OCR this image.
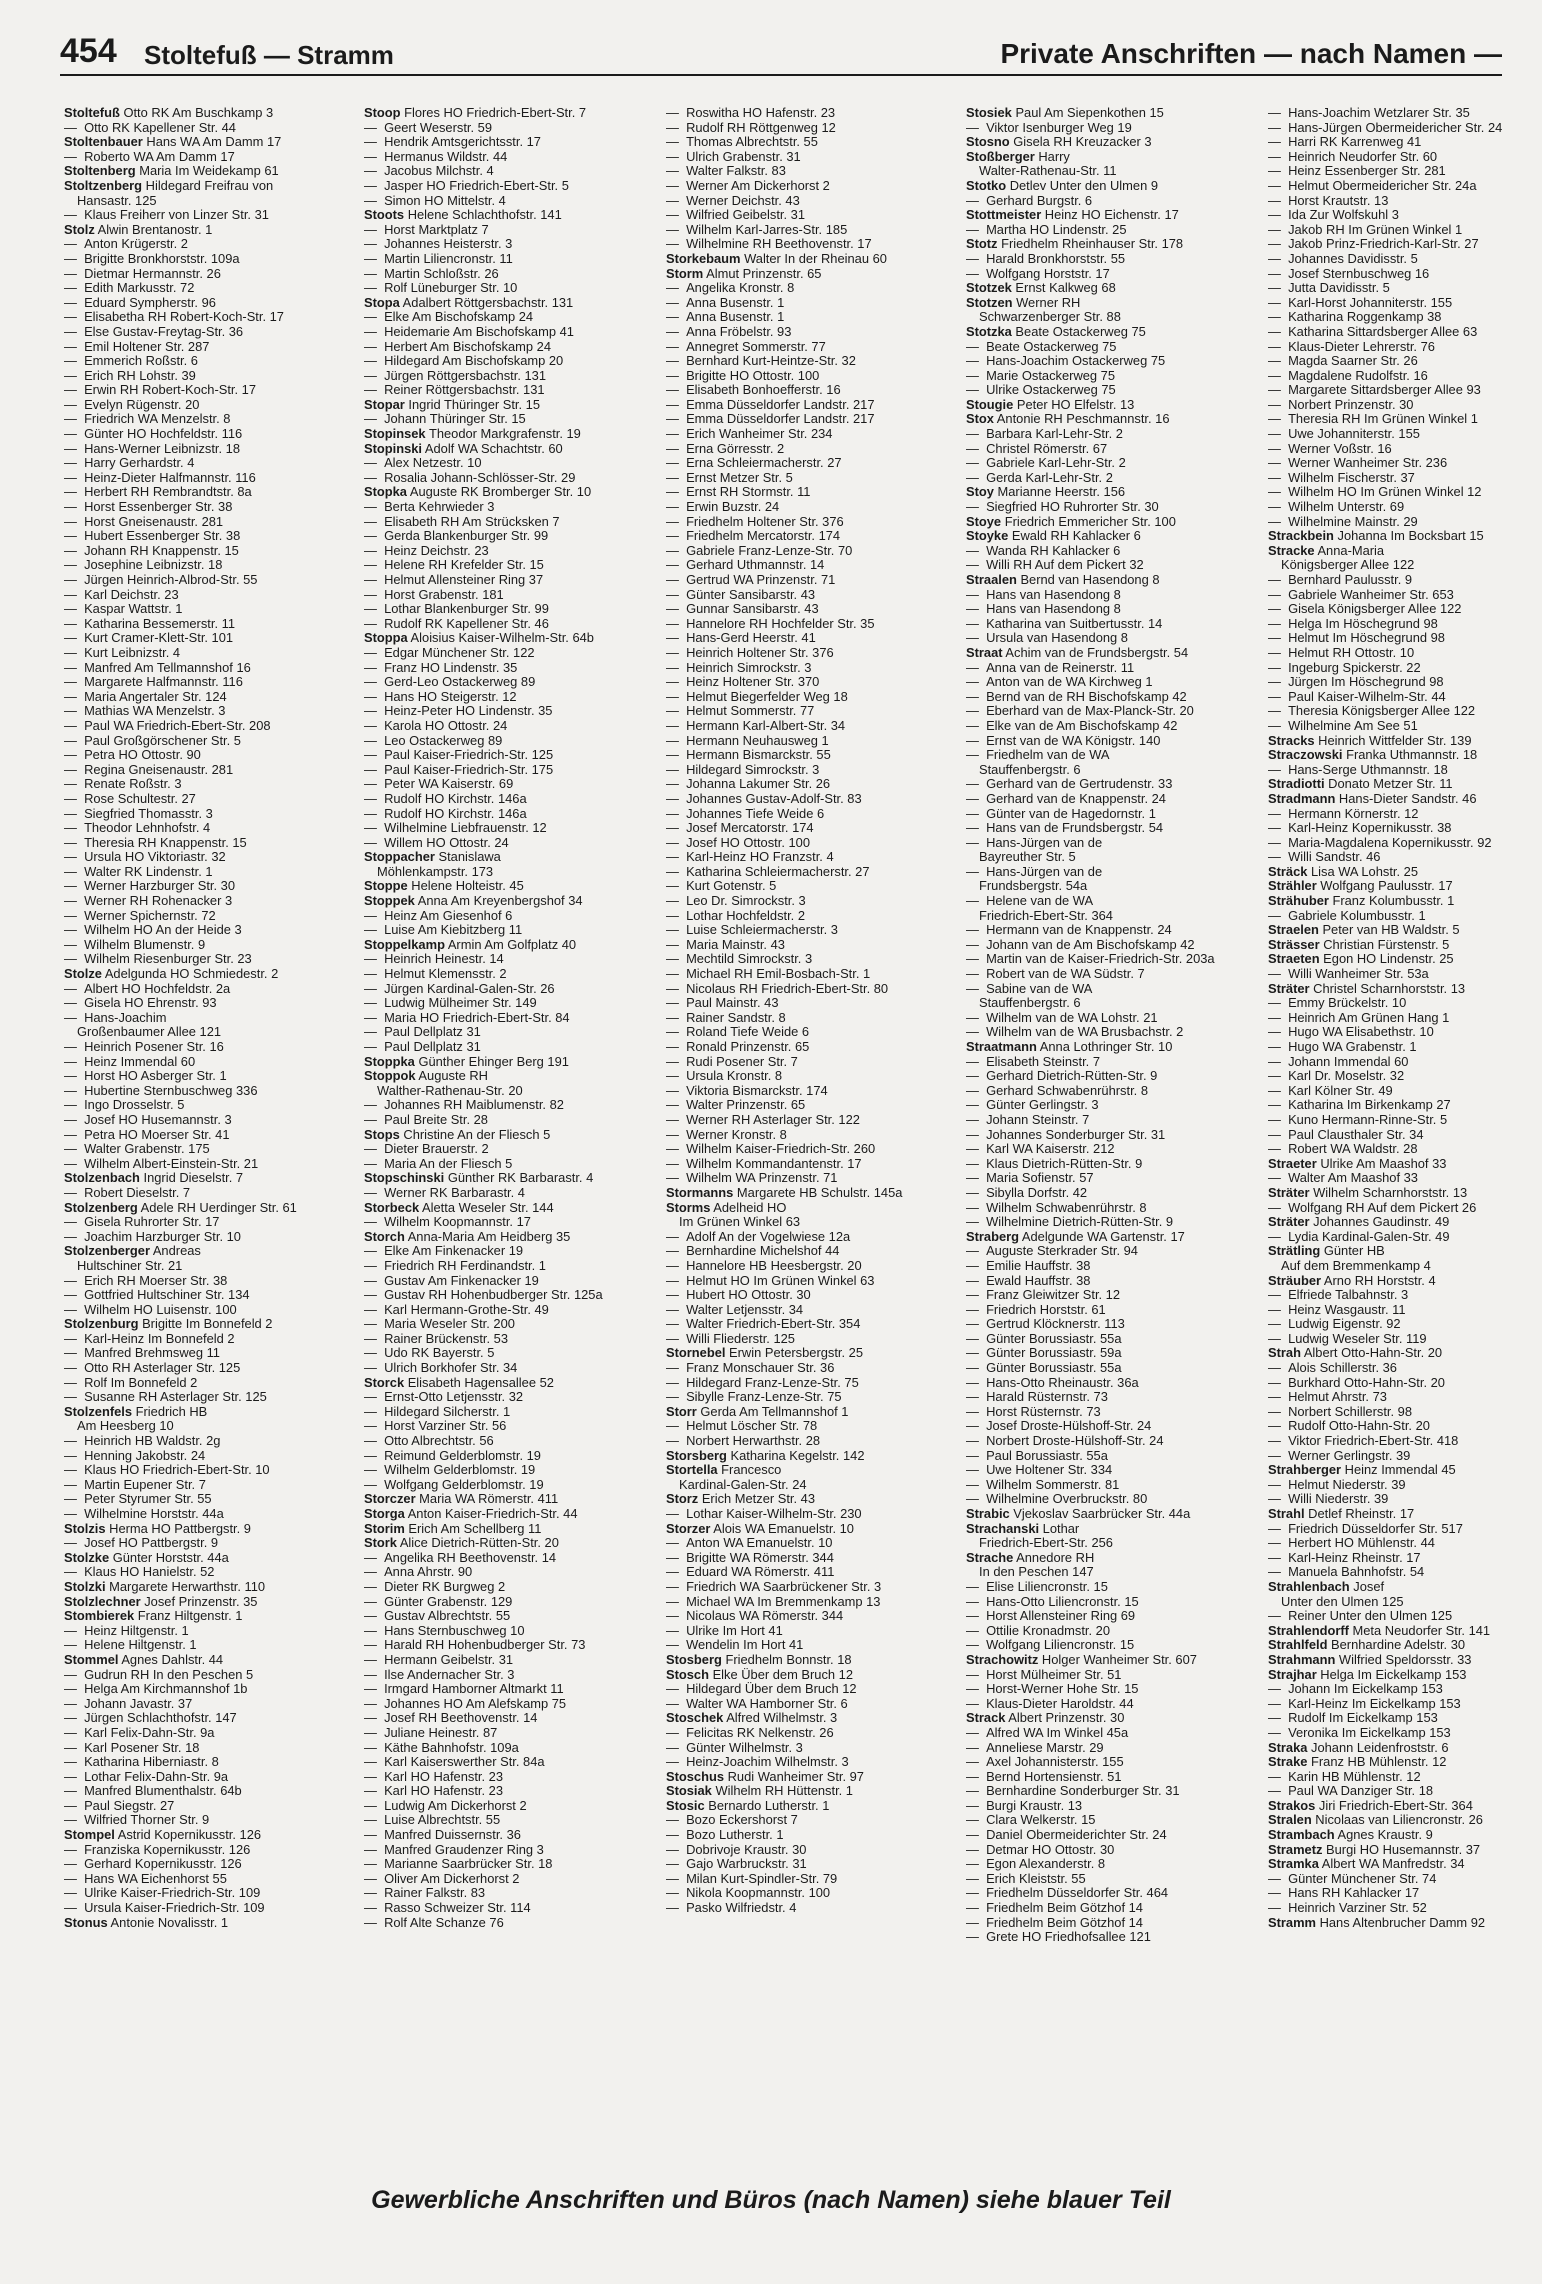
454 Stoltefuß — Stramm	Private Anschriften — nach Namen —
Stoltefuß Otto RK Am Buschkamp 3
—  Otto RK Kapellener Str. 44
Stoltenbauer Hans WA Am Damm 17
—  Roberto WA Am Damm 17
Stoltenberg Maria Im Weidekamp 61
Stoltzenberg Hildegard Freifrau von
Hansastr. 125
—  Klaus Freiherr von Linzer Str. 31
Stolz Alwin Brentanostr. 1
—  Anton Krügerstr. 2
—  Brigitte Bronkhorststr. 109a
—  Dietmar Hermannstr. 26
—  Edith Markusstr. 72
—  Eduard Sympherstr. 96
—  Elisabetha RH Robert-Koch-Str. 17
—  Else Gustav-Freytag-Str. 36
—  Emil Holtener Str. 287
—  Emmerich Roßstr. 6
—  Erich RH Lohstr. 39
—  Erwin RH Robert-Koch-Str. 17
—  Evelyn Rügenstr. 20
—  Friedrich WA Menzelstr. 8
—  Günter HO Hochfeldstr. 116
—  Hans-Werner Leibnizstr. 18
—  Harry Gerhardstr. 4
—  Heinz-Dieter Halfmannstr. 116
—  Herbert RH Rembrandtstr. 8a
—  Horst Essenberger Str. 38
—  Horst Gneisenaustr. 281
—  Hubert Essenberger Str. 38
—  Johann RH Knappenstr. 15
—  Josephine Leibnizstr. 18
—  Jürgen Heinrich-Albrod-Str. 55
—  Karl Deichstr. 23
—  Kaspar Wattstr. 1
—  Katharina Bessemerstr. 11
—  Kurt Cramer-Klett-Str. 101
—  Kurt Leibnizstr. 4
—  Manfred Am Tellmannshof 16
—  Margarete Halfmannstr. 116
—  Maria Angertaler Str. 124
—  Mathias WA Menzelstr. 3
—  Paul WA Friedrich-Ebert-Str. 208
—  Paul Großgörschener Str. 5
—  Petra HO Ottostr. 90
—  Regina Gneisenaustr. 281
—  Renate Roßstr. 3
—  Rose Schultestr. 27
—  Siegfried Thomasstr. 3
—  Theodor Lehnhofstr. 4
—  Theresia RH Knappenstr. 15
—  Ursula HO Viktoriastr. 32
—  Walter RK Lindenstr. 1
—  Werner Harzburger Str. 30
—  Werner RH Rohenacker 3
—  Werner Spichernstr. 72
—  Wilhelm HO An der Heide 3
—  Wilhelm Blumenstr. 9
—  Wilhelm Riesenburger Str. 23
Stolze Adelgunda HO Schmiedestr. 2
—  Albert HO Hochfeldstr. 2a
—  Gisela HO Ehrenstr. 93
—  Hans-Joachim
Großenbaumer Allee 121
—  Heinrich Posener Str. 16
—  Heinz Immendal 60
—  Horst HO Asberger Str. 1
—  Hubertine Sternbuschweg 336
—  Ingo Drosselstr. 5
—  Josef HO Husemannstr. 3
—  Petra HO Moerser Str. 41
—  Walter Grabenstr. 175
—  Wilhelm Albert-Einstein-Str. 21
Stolzenbach Ingrid Dieselstr. 7
—  Robert Dieselstr. 7
Stolzenberg Adele RH Uerdinger Str. 61
—  Gisela Ruhrorter Str. 17
—  Joachim Harzburger Str. 10
Stolzenberger Andreas
Hultschiner Str. 21
—  Erich RH Moerser Str. 38
—  Gottfried Hultschiner Str. 134
—  Wilhelm HO Luisenstr. 100
Stolzenburg Brigitte Im Bonnefeld 2
—  Karl-Heinz Im Bonnefeld 2
—  Manfred Brehmsweg 11
—  Otto RH Asterlager Str. 125
—  Rolf Im Bonnefeld 2
—  Susanne RH Asterlager Str. 125
Stolzenfels Friedrich HB
Am Heesberg 10
—  Heinrich HB Waldstr. 2g
—  Henning Jakobstr. 24
—  Klaus HO Friedrich-Ebert-Str. 10
—  Martin Eupener Str. 7
—  Peter Styrumer Str. 55
—  Wilhelmine Horststr. 44a
Stolzis Herma HO Pattbergstr. 9
—  Josef HO Pattbergstr. 9
Stolzke Günter Horststr. 44a
—  Klaus HO Hanielstr. 52
Stolzki Margarete Herwarthstr. 110
Stolzlechner Josef Prinzenstr. 35
Stombierek Franz Hiltgenstr. 1
—  Heinz Hiltgenstr. 1
—  Helene Hiltgenstr. 1
Stommel Agnes Dahlstr. 44
—  Gudrun RH In den Peschen 5
—  Helga Am Kirchmannshof 1b
—  Johann Javastr. 37
—  Jürgen Schlachthofstr. 147
—  Karl Felix-Dahn-Str. 9a
—  Karl Posener Str. 18
—  Katharina Hiberniastr. 8
—  Lothar Felix-Dahn-Str. 9a
—  Manfred Blumenthalstr. 64b
—  Paul Siegstr. 27
—  Wilfried Thorner Str. 9
Stompel Astrid Kopernikusstr. 126
—  Franziska Kopernikusstr. 126
—  Gerhard Kopernikusstr. 126
—  Hans WA Eichenhorst 55
—  Ulrike Kaiser-Friedrich-Str. 109
—  Ursula Kaiser-Friedrich-Str. 109
Stonus Antonie Novalisstr. 1
Stoop Flores HO Friedrich-Ebert-Str. 7
—  Geert Weserstr. 59
—  Hendrik Amtsgerichtsstr. 17
—  Hermanus Wildstr. 44
—  Jacobus Milchstr. 4
—  Jasper HO Friedrich-Ebert-Str. 5
—  Simon HO Mittelstr. 4
Stoots Helene Schlachthofstr. 141
—  Horst Marktplatz 7
—  Johannes Heisterstr. 3
—  Martin Liliencronstr. 11
—  Martin Schloßstr. 26
—  Rolf Lüneburger Str. 10
Stopa Adalbert Röttgersbachstr. 131
—  Elke Am Bischofskamp 24
—  Heidemarie Am Bischofskamp 41
—  Herbert Am Bischofskamp 24
—  Hildegard Am Bischofskamp 20
—  Jürgen Röttgersbachstr. 131
—  Reiner Röttgersbachstr. 131
Stopar Ingrid Thüringer Str. 15
—  Johann Thüringer Str. 15
Stopinsek Theodor Markgrafenstr. 19
Stopinski Adolf WA Schachtstr. 60
—  Alex Netzestr. 10
—  Rosalia Johann-Schlösser-Str. 29
Stopka Auguste RK Bromberger Str. 10
—  Berta Kehrwieder 3
—  Elisabeth RH Am Strücksken 7
—  Gerda Blankenburger Str. 99
—  Heinz Deichstr. 23
—  Helene RH Krefelder Str. 15
—  Helmut Allensteiner Ring 37
—  Horst Grabenstr. 181
—  Lothar Blankenburger Str. 99
—  Rudolf RK Kapellener Str. 46
Stoppa Aloisius Kaiser-Wilhelm-Str. 64b
—  Edgar Münchener Str. 122
—  Franz HO Lindenstr. 35
—  Gerd-Leo Ostackerweg 89
—  Hans HO Steigerstr. 12
—  Heinz-Peter HO Lindenstr. 35
—  Karola HO Ottostr. 24
—  Leo Ostackerweg 89
—  Paul Kaiser-Friedrich-Str. 125
—  Paul Kaiser-Friedrich-Str. 175
—  Peter WA Kaiserstr. 69
—  Rudolf HO Kirchstr. 146a
—  Rudolf HO Kirchstr. 146a
—  Wilhelmine Liebfrauenstr. 12
—  Willem HO Ottostr. 24
Stoppacher Stanislawa
Möhlenkampstr. 173
Stoppe Helene Holteistr. 45
Stoppek Anna Am Kreyenbergshof 34
—  Heinz Am Giesenhof 6
—  Luise Am Kiebitzberg 11
Stoppelkamp Armin Am Golfplatz 40
—  Heinrich Heinestr. 14
—  Helmut Klemensstr. 2
—  Jürgen Kardinal-Galen-Str. 26
—  Ludwig Mülheimer Str. 149
—  Maria HO Friedrich-Ebert-Str. 84
—  Paul Dellplatz 31
—  Paul Dellplatz 31
Stoppka Günther Ehinger Berg 191
Stoppok Auguste RH
Walther-Rathenau-Str. 20
—  Johannes RH Maiblumenstr. 82
—  Paul Breite Str. 28
Stops Christine An der Fliesch 5
—  Dieter Brauerstr. 2
—  Maria An der Fliesch 5
Stopschinski Günther RK Barbarastr. 4
—  Werner RK Barbarastr. 4
Storbeck Aletta Weseler Str. 144
—  Wilhelm Koopmannstr. 17
Storch Anna-Maria Am Heidberg 35
—  Elke Am Finkenacker 19
—  Friedrich RH Ferdinandstr. 1
—  Gustav Am Finkenacker 19
—  Gustav RH Hohenbudberger Str. 125a
—  Karl Hermann-Grothe-Str. 49
—  Maria Weseler Str. 200
—  Rainer Brückenstr. 53
—  Udo RK Bayerstr. 5
—  Ulrich Borkhofer Str. 34
Storck Elisabeth Hagensallee 52
—  Ernst-Otto Letjensstr. 32
—  Hildegard Silcherstr. 1
—  Horst Varziner Str. 56
—  Otto Albrechtstr. 56
—  Reimund Gelderblomstr. 19
—  Wilhelm Gelderblomstr. 19
—  Wolfgang Gelderblomstr. 19
Storczer Maria WA Römerstr. 411
Storga Anton Kaiser-Friedrich-Str. 44
Storim Erich Am Schellberg 11
Stork Alice Dietrich-Rütten-Str. 20
—  Angelika RH Beethovenstr. 14
—  Anna Ahrstr. 90
—  Dieter RK Burgweg 2
—  Günter Grabenstr. 129
—  Gustav Albrechtstr. 55
—  Hans Sternbuschweg 10
—  Harald RH Hohenbudberger Str. 73
—  Hermann Geibelstr. 31
—  Ilse Andernacher Str. 3
—  Irmgard Hamborner Altmarkt 11
—  Johannes HO Am Alefskamp 75
—  Josef RH Beethovenstr. 14
—  Juliane Heinestr. 87
—  Käthe Bahnhofstr. 109a
—  Karl Kaiserswerther Str. 84a
—  Karl HO Hafenstr. 23
—  Karl HO Hafenstr. 23
—  Ludwig Am Dickerhorst 2
—  Luise Albrechtstr. 55
—  Manfred Duissernstr. 36
—  Manfred Graudenzer Ring 3
—  Marianne Saarbrücker Str. 18
—  Oliver Am Dickerhorst 2
—  Rainer Falkstr. 83
—  Rasso Schweizer Str. 114
—  Rolf Alte Schanze 76
—  Roswitha HO Hafenstr. 23
—  Rudolf RH Röttgenweg 12
—  Thomas Albrechtstr. 55
—  Ulrich Grabenstr. 31
—  Walter Falkstr. 83
—  Werner Am Dickerhorst 2
—  Werner Deichstr. 43
—  Wilfried Geibelstr. 31
—  Wilhelm Karl-Jarres-Str. 185
—  Wilhelmine RH Beethovenstr. 17
Storkebaum Walter In der Rheinau 60
Storm Almut Prinzenstr. 65
—  Angelika Kronstr. 8
—  Anna Busenstr. 1
—  Anna Busenstr. 1
—  Anna Fröbelstr. 93
—  Annegret Sommerstr. 77
—  Bernhard Kurt-Heintze-Str. 32
—  Brigitte HO Ottostr. 100
—  Elisabeth Bonhoefferstr. 16
—  Emma Düsseldorfer Landstr. 217
—  Emma Düsseldorfer Landstr. 217
—  Erich Wanheimer Str. 234
—  Erna Görresstr. 2
—  Erna Schleiermacherstr. 27
—  Ernst Metzer Str. 5
—  Ernst RH Stormstr. 11
—  Erwin Buzstr. 24
—  Friedhelm Holtener Str. 376
—  Friedhelm Mercatorstr. 174
—  Gabriele Franz-Lenze-Str. 70
—  Gerhard Uthmannstr. 14
—  Gertrud WA Prinzenstr. 71
—  Günter Sansibarstr. 43
—  Gunnar Sansibarstr. 43
—  Hannelore RH Hochfelder Str. 35
—  Hans-Gerd Heerstr. 41
—  Heinrich Holtener Str. 376
—  Heinrich Simrockstr. 3
—  Heinz Holtener Str. 370
—  Helmut Biegerfelder Weg 18
—  Helmut Sommerstr. 77
—  Hermann Karl-Albert-Str. 34
—  Hermann Neuhausweg 1
—  Hermann Bismarckstr. 55
—  Hildegard Simrockstr. 3
—  Johanna Lakumer Str. 26
—  Johannes Gustav-Adolf-Str. 83
—  Johannes Tiefe Weide 6
—  Josef Mercatorstr. 174
—  Josef HO Ottostr. 100
—  Karl-Heinz HO Franzstr. 4
—  Katharina Schleiermacherstr. 27
—  Kurt Gotenstr. 5
—  Leo Dr. Simrockstr. 3
—  Lothar Hochfeldstr. 2
—  Luise Schleiermacherstr. 3
—  Maria Mainstr. 43
—  Mechtild Simrockstr. 3
—  Michael RH Emil-Bosbach-Str. 1
—  Nicolaus RH Friedrich-Ebert-Str. 80
—  Paul Mainstr. 43
—  Rainer Sandstr. 8
—  Roland Tiefe Weide 6
—  Ronald Prinzenstr. 65
—  Rudi Posener Str. 7
—  Ursula Kronstr. 8
—  Viktoria Bismarckstr. 174
—  Walter Prinzenstr. 65
—  Werner RH Asterlager Str. 122
—  Werner Kronstr. 8
—  Wilhelm Kaiser-Friedrich-Str. 260
—  Wilhelm Kommandantenstr. 17
—  Wilhelm WA Prinzenstr. 71
Stormanns Margarete HB Schulstr. 145a
Storms Adelheid HO
Im Grünen Winkel 63
—  Adolf An der Vogelwiese 12a
—  Bernhardine Michelshof 44
—  Hannelore HB Heesbergstr. 20
—  Helmut HO Im Grünen Winkel 63
—  Hubert HO Ottostr. 30
—  Walter Letjensstr. 34
—  Walter Friedrich-Ebert-Str. 354
—  Willi Fliederstr. 125
Stornebel Erwin Petersbergstr. 25
—  Franz Monschauer Str. 36
—  Hildegard Franz-Lenze-Str. 75
—  Sibylle Franz-Lenze-Str. 75
Storr Gerda Am Tellmannshof 1
—  Helmut Löscher Str. 78
—  Norbert Herwarthstr. 28
Storsberg Katharina Kegelstr. 142
Stortella Francesco
Kardinal-Galen-Str. 24
Storz Erich Metzer Str. 43
—  Lothar Kaiser-Wilhelm-Str. 230
Storzer Alois WA Emanuelstr. 10
—  Anton WA Emanuelstr. 10
—  Brigitte WA Römerstr. 344
—  Eduard WA Römerstr. 411
—  Friedrich WA Saarbrückener Str. 3
—  Michael WA Im Bremmenkamp 13
—  Nicolaus WA Römerstr. 344
—  Ulrike Im Hort 41
—  Wendelin Im Hort 41
Stosberg Friedhelm Bonnstr. 18
Stosch Elke Über dem Bruch 12
—  Hildegard Über dem Bruch 12
—  Walter WA Hamborner Str. 6
Stoschek Alfred Wilhelmstr. 3
—  Felicitas RK Nelkenstr. 26
—  Günter Wilhelmstr. 3
—  Heinz-Joachim Wilhelmstr. 3
Stoschus Rudi Wanheimer Str. 97
Stosiak Wilhelm RH Hüttenstr. 1
Stosic Bernardo Lutherstr. 1
—  Bozo Eckershorst 7
—  Bozo Lutherstr. 1
—  Dobrivoje Kraustr. 30
—  Gajo Warbruckstr. 31
—  Milan Kurt-Spindler-Str. 79
—  Nikola Koopmannstr. 100
—  Pasko Wilfriedstr. 4
Stosiek Paul Am Siepenkothen 15
—  Viktor Isenburger Weg 19
Stosno Gisela RH Kreuzacker 3
Stoßberger Harry
Walter-Rathenau-Str. 11
Stotko Detlev Unter den Ulmen 9
—  Gerhard Burgstr. 6
Stottmeister Heinz HO Eichenstr. 17
—  Martha HO Lindenstr. 25
Stotz Friedhelm Rheinhauser Str. 178
—  Harald Bronkhorststr. 55
—  Wolfgang Horststr. 17
Stotzek Ernst Kalkweg 68
Stotzen Werner RH
Schwarzenberger Str. 88
Stotzka Beate Ostackerweg 75
—  Beate Ostackerweg 75
—  Hans-Joachim Ostackerweg 75
—  Marie Ostackerweg 75
—  Ulrike Ostackerweg 75
Stougie Peter HO Elfelstr. 13
Stox Antonie RH Peschmannstr. 16
—  Barbara Karl-Lehr-Str. 2
—  Christel Römerstr. 67
—  Gabriele Karl-Lehr-Str. 2
—  Gerda Karl-Lehr-Str. 2
Stoy Marianne Heerstr. 156
—  Siegfried HO Ruhrorter Str. 30
Stoye Friedrich Emmericher Str. 100
Stoyke Ewald RH Kahlacker 6
—  Wanda RH Kahlacker 6
—  Willi RH Auf dem Pickert 32
Straalen Bernd van Hasendong 8
—  Hans van Hasendong 8
—  Hans van Hasendong 8
—  Katharina van Suitbertusstr. 14
—  Ursula van Hasendong 8
Straat Achim van de Frundsbergstr. 54
—  Anna van de Reinerstr. 11
—  Anton van de WA Kirchweg 1
—  Bernd van de RH Bischofskamp 42
—  Eberhard van de Max-Planck-Str. 20
—  Elke van de Am Bischofskamp 42
—  Ernst van de WA Königstr. 140
—  Friedhelm van de WA
Stauffenbergstr. 6
—  Gerhard van de Gertrudenstr. 33
—  Gerhard van de Knappenstr. 24
—  Günter van de Hagedornstr. 1
—  Hans van de Frundsbergstr. 54
—  Hans-Jürgen van de
Bayreuther Str. 5
—  Hans-Jürgen van de
Frundsbergstr. 54a
—  Helene van de WA
Friedrich-Ebert-Str. 364
—  Hermann van de Knappenstr. 24
—  Johann van de Am Bischofskamp 42
—  Martin van de Kaiser-Friedrich-Str. 203a
—  Robert van de WA Südstr. 7
—  Sabine van de WA
Stauffenbergstr. 6
—  Wilhelm van de WA Lohstr. 21
—  Wilhelm van de WA Brusbachstr. 2
Straatmann Anna Lothringer Str. 10
—  Elisabeth Steinstr. 7
—  Gerhard Dietrich-Rütten-Str. 9
—  Gerhard Schwabenrührstr. 8
—  Günter Gerlingstr. 3
—  Johann Steinstr. 7
—  Johannes Sonderburger Str. 31
—  Karl WA Kaiserstr. 212
—  Klaus Dietrich-Rütten-Str. 9
—  Maria Sofienstr. 57
—  Sibylla Dorfstr. 42
—  Wilhelm Schwabenrührstr. 8
—  Wilhelmine Dietrich-Rütten-Str. 9
Straberg Adelgunde WA Gartenstr. 17
—  Auguste Sterkrader Str. 94
—  Emilie Hauffstr. 38
—  Ewald Hauffstr. 38
—  Franz Gleiwitzer Str. 12
—  Friedrich Horststr. 61
—  Gertrud Klöcknerstr. 113
—  Günter Borussiastr. 55a
—  Günter Borussiastr. 59a
—  Günter Borussiastr. 55a
—  Hans-Otto Rheinaustr. 36a
—  Harald Rüsternstr. 73
—  Horst Rüsternstr. 73
—  Josef Droste-Hülshoff-Str. 24
—  Norbert Droste-Hülshoff-Str. 24
—  Paul Borussiastr. 55a
—  Uwe Holtener Str. 334
—  Wilhelm Sommerstr. 81
—  Wilhelmine Overbruckstr. 80
Strabic Vjekoslav Saarbrücker Str. 44a
Strachanski Lothar
Friedrich-Ebert-Str. 256
Strache Annedore RH
In den Peschen 147
—  Elise Liliencronstr. 15
—  Hans-Otto Liliencronstr. 15
—  Horst Allensteiner Ring 69
—  Ottilie Kronadmstr. 20
—  Wolfgang Liliencronstr. 15
Strachowitz Holger Wanheimer Str. 607
—  Horst Mülheimer Str. 51
—  Horst-Werner Hohe Str. 15
—  Klaus-Dieter Haroldstr. 44
Strack Albert Prinzenstr. 30
—  Alfred WA Im Winkel 45a
—  Anneliese Marstr. 29
—  Axel Johannisterstr. 155
—  Bernd Hortensienstr. 51
—  Bernhardine Sonderburger Str. 31
—  Burgi Kraustr. 13
—  Clara Welkerstr. 15
—  Daniel Obermeiderichter Str. 24
—  Detmar HO Ottostr. 30
—  Egon Alexanderstr. 8
—  Erich Kleiststr. 55
—  Friedhelm Düsseldorfer Str. 464
—  Friedhelm Beim Götzhof 14
—  Friedhelm Beim Götzhof 14
—  Grete HO Friedhofsallee 121
—  Hans-Joachim Wetzlarer Str. 35
—  Hans-Jürgen Obermeidericher Str. 24
—  Harri RK Karrenweg 41
—  Heinrich Neudorfer Str. 60
—  Heinz Essenberger Str. 281
—  Helmut Obermeidericher Str. 24a
—  Horst Krautstr. 13
—  Ida Zur Wolfskuhl 3
—  Jakob RH Im Grünen Winkel 1
—  Jakob Prinz-Friedrich-Karl-Str. 27
—  Johannes Davidisstr. 5
—  Josef Sternbuschweg 16
—  Jutta Davidisstr. 5
—  Karl-Horst Johanniterstr. 155
—  Katharina Roggenkamp 38
—  Katharina Sittardsberger Allee 63
—  Klaus-Dieter Lehrerstr. 76
—  Magda Saarner Str. 26
—  Magdalene Rudolfstr. 16
—  Margarete Sittardsberger Allee 93
—  Norbert Prinzenstr. 30
—  Theresia RH Im Grünen Winkel 1
—  Uwe Johanniterstr. 155
—  Werner Voßstr. 16
—  Werner Wanheimer Str. 236
—  Wilhelm Fischerstr. 37
—  Wilhelm HO Im Grünen Winkel 12
—  Wilhelm Unterstr. 69
—  Wilhelmine Mainstr. 29
Strackbein Johanna Im Bocksbart 15
Stracke Anna-Maria
Königsberger Allee 122
—  Bernhard Paulusstr. 9
—  Gabriele Wanheimer Str. 653
—  Gisela Königsberger Allee 122
—  Helga Im Höschegrund 98
—  Helmut Im Höschegrund 98
—  Helmut RH Ottostr. 10
—  Ingeburg Spickerstr. 22
—  Jürgen Im Höschegrund 98
—  Paul Kaiser-Wilhelm-Str. 44
—  Theresia Königsberger Allee 122
—  Wilhelmine Am See 51
Stracks Heinrich Wittfelder Str. 139
Straczowski Franka Uthmannstr. 18
—  Hans-Serge Uthmannstr. 18
Stradiotti Donato Metzer Str. 11
Stradmann Hans-Dieter Sandstr. 46
—  Hermann Körnerstr. 12
—  Karl-Heinz Kopernikusstr. 38
—  Maria-Magdalena Kopernikusstr. 92
—  Willi Sandstr. 46
Sträck Lisa WA Lohstr. 25
Strähler Wolfgang Paulusstr. 17
Strähuber Franz Kolumbusstr. 1
—  Gabriele Kolumbusstr. 1
Straelen Peter van HB Waldstr. 5
Strässer Christian Fürstenstr. 5
Straeten Egon HO Lindenstr. 25
—  Willi Wanheimer Str. 53a
Sträter Christel Scharnhorststr. 13
—  Emmy Brückelstr. 10
—  Heinrich Am Grünen Hang 1
—  Hugo WA Elisabethstr. 10
—  Hugo WA Grabenstr. 1
—  Johann Immendal 60
—  Karl Dr. Moselstr. 32
—  Karl Kölner Str. 49
—  Katharina Im Birkenkamp 27
—  Kuno Hermann-Rinne-Str. 5
—  Paul Clausthaler Str. 34
—  Robert WA Waldstr. 28
Straeter Ulrike Am Maashof 33
—  Walter Am Maashof 33
Sträter Wilhelm Scharnhorststr. 13
—  Wolfgang RH Auf dem Pickert 26
Sträter Johannes Gaudinstr. 49
—  Lydia Kardinal-Galen-Str. 49
Strätling Günter HB
Auf dem Bremmenkamp 4
Sträuber Arno RH Horststr. 4
—  Elfriede Talbahnstr. 3
—  Heinz Wasgaustr. 11
—  Ludwig Eigenstr. 92
—  Ludwig Weseler Str. 119
Strah Albert Otto-Hahn-Str. 20
—  Alois Schillerstr. 36
—  Burkhard Otto-Hahn-Str. 20
—  Helmut Ahrstr. 73
—  Norbert Schillerstr. 98
—  Rudolf Otto-Hahn-Str. 20
—  Viktor Friedrich-Ebert-Str. 418
—  Werner Gerlingstr. 39
Strahberger Heinz Immendal 45
—  Helmut Niederstr. 39
—  Willi Niederstr. 39
Strahl Detlef Rheinstr. 17
—  Friedrich Düsseldorfer Str. 517
—  Herbert HO Mühlenstr. 44
—  Karl-Heinz Rheinstr. 17
—  Manuela Bahnhofstr. 54
Strahlenbach Josef
Unter den Ulmen 125
—  Reiner Unter den Ulmen 125
Strahlendorff Meta Neudorfer Str. 141
Strahlfeld Bernhardine Adelstr. 30
Strahmann Wilfried Speldorsstr. 33
Strajhar Helga Im Eickelkamp 153
—  Johann Im Eickelkamp 153
—  Karl-Heinz Im Eickelkamp 153
—  Rudolf Im Eickelkamp 153
—  Veronika Im Eickelkamp 153
Straka Johann Leidenfroststr. 6
Strake Franz HB Mühlenstr. 12
—  Karin HB Mühlenstr. 12
—  Paul WA Danziger Str. 18
Strakos Jiri Friedrich-Ebert-Str. 364
Stralen Nicolaas van Liliencronstr. 26
Strambach Agnes Kraustr. 9
Strametz Burgi HO Husemannstr. 37
Stramka Albert WA Manfredstr. 34
—  Günter Münchener Str. 74
—  Hans RH Kahlacker 17
—  Heinrich Varziner Str. 52
Stramm Hans Altenbrucher Damm 92
Gewerbliche Anschriften und Büros (nach Namen) siehe blauer Teil
